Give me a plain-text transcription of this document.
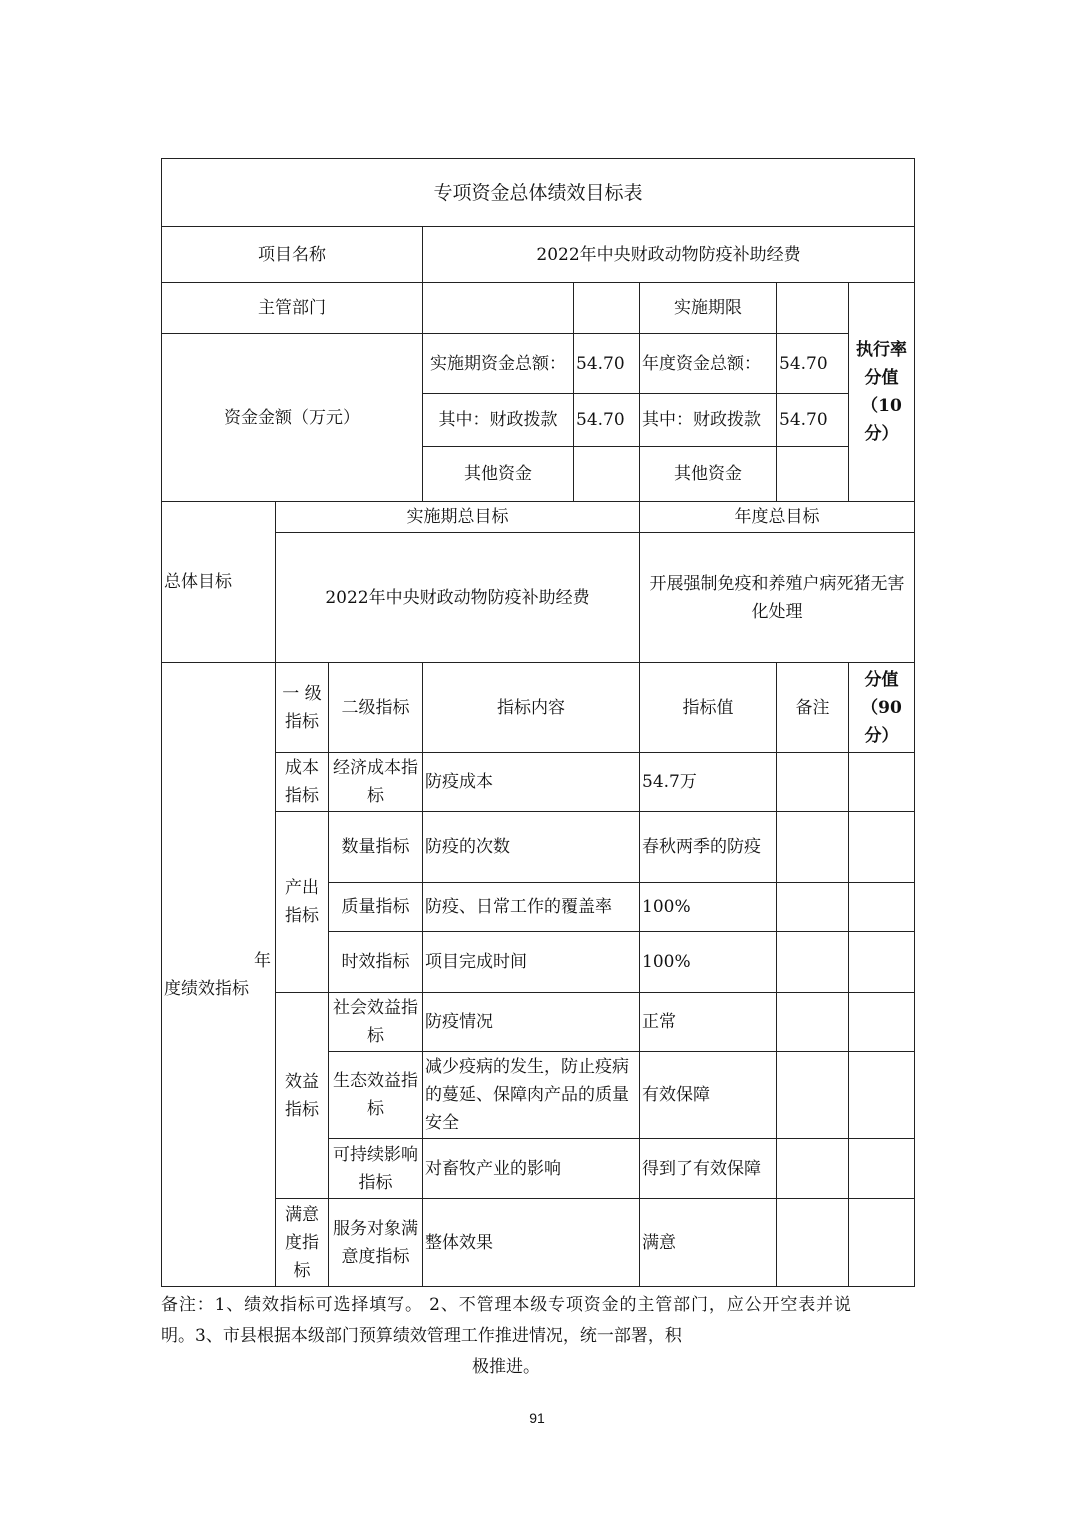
专项资金总体绩效目标表							
项目名称			2022年中央财政动物防疫补助经费				
主管部门					实施期限		执行率分值（10分）
资金金额（万元）			实施期资金总额：	54.70	年度资金总额：	54.70	
			其中：财政拨款	54.70	其中：财政拨款	54.70	
			其他资金		其他资金		
总体目标	实施期总目标				年度总目标		
	2022年中央财政动物防疫补助经费				开展强制免疫和养殖户病死猪无害化处理		

年
度绩效指标	一 级指标	二级指标	指标内容		指标值	备注	分值（90分）
	成本指标	经济成本指标	防疫成本		54.7万		
	产出指标	数量指标	防疫的次数		春秋两季的防疫		
		质量指标	防疫、日常工作的覆盖率		100%		
		时效指标	项目完成时间		100%		
	效益指标	社会效益指标	防疫情况		正常		
		生态效益指标	减少疫病的发生，防止疫病的蔓延、保障肉产品的质量安全		有效保障		
		可持续影响指标	对畜牧产业的影响		得到了有效保障		
	满意度指标	服务对象满意度指标	整体效果		满意		
备注：1、绩效指标可选择填写。 2、不管理本级专项资金的主管部门，应公开空表并说明。3、市县根据本级部门预算绩效管理工作推进情况，统一部署，积
极推进。
91
